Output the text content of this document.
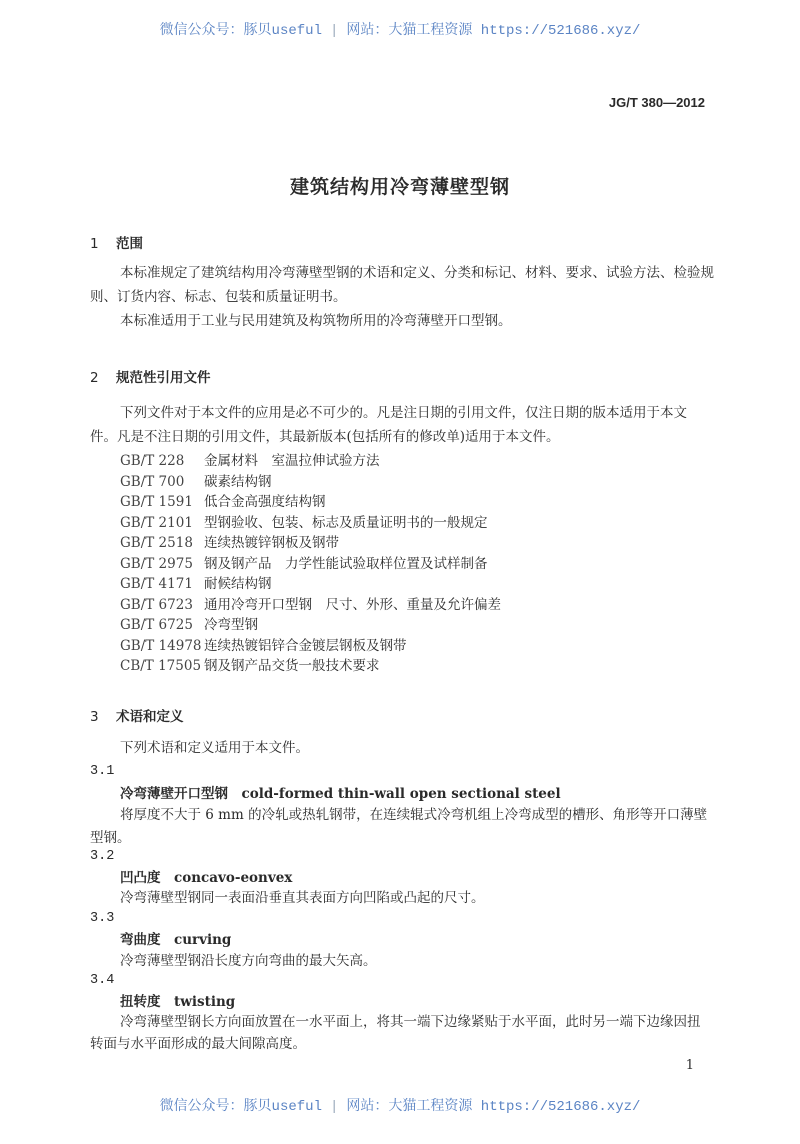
微信公众号：豚贝useful | 网站：大猫工程资源 https://521686.xyz/
JG/T 380—2012
建筑结构用冷弯薄壁型钢
1 范围
本标准规定了建筑结构用冷弯薄壁型钢的术语和定义、分类和标记、材料、要求、试验方法、检验规
则、订货内容、标志、包装和质量证明书。
本标准适用于工业与民用建筑及构筑物所用的冷弯薄壁开口型钢。
2 规范性引用文件
下列文件对于本文件的应用是必不可少的。凡是注日期的引用文件，仅注日期的版本适用于本文
件。凡是不注日期的引用文件，其最新版本(包括所有的修改单)适用于本文件。
GB/T 228 金属材料　室温拉伸试验方法
GB/T 700 碳素结构钢
GB/T 1591 低合金高强度结构钢
GB/T 2101 型钢验收、包装、标志及质量证明书的一般规定
GB/T 2518 连续热镀锌钢板及钢带
GB/T 2975 钢及钢产品　力学性能试验取样位置及试样制备
GB/T 4171 耐候结构钢
GB/T 6723 通用冷弯开口型钢　尺寸、外形、重量及允许偏差
GB/T 6725 冷弯型钢
GB/T 14978 连续热镀铝锌合金镀层钢板及钢带
CB/T 17505 钢及钢产品交货一般技术要求
3 术语和定义
下列术语和定义适用于本文件。
3.1
冷弯薄壁开口型钢　 cold-formed thin-wall open sectional steel
将厚度不大于 6 mm 的冷轧或热轧钢带，在连续辊式冷弯机组上冷弯成型的槽形、角形等开口薄壁
型钢。
3.2
凹凸度　 concavo-eonvex
冷弯薄壁型钢同一表面沿垂直其表面方向凹陷或凸起的尺寸。
3.3
弯曲度　 curving
冷弯薄壁型钢沿长度方向弯曲的最大矢高。
3.4
扭转度　 twisting
冷弯薄壁型钢长方向面放置在一水平面上，将其一端下边缘紧贴于水平面，此时另一端下边缘因扭
转面与水平面形成的最大间隙高度。
1
微信公众号：豚贝useful | 网站：大猫工程资源 https://521686.xyz/
